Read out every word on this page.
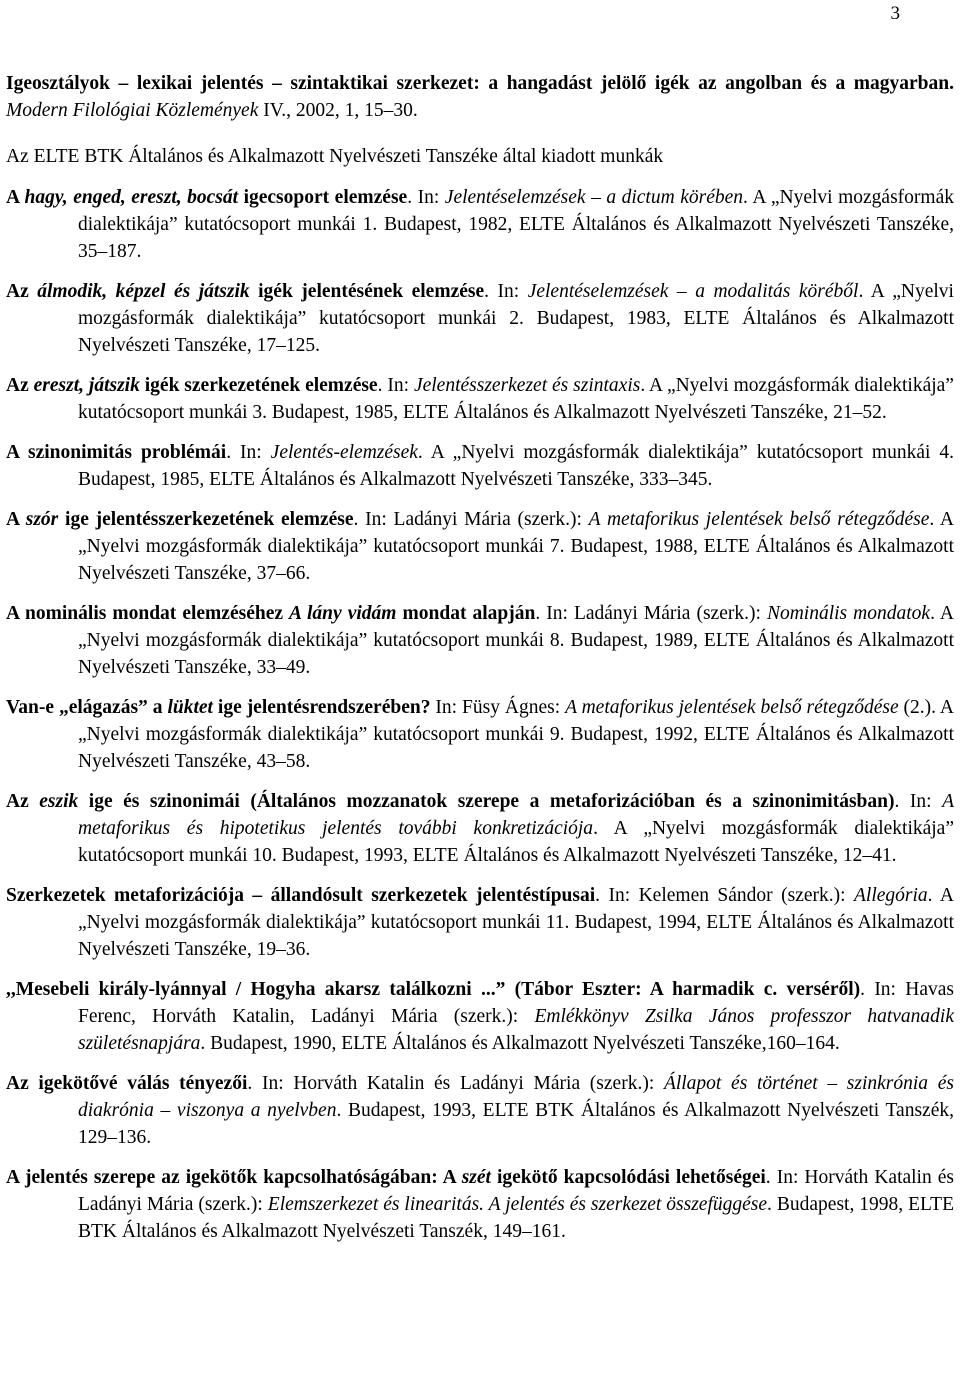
3

Igeosztályok – lexikai jelentés – szintaktikai szerkezet: a hangadást jelölő igék az angolban és a magyarban. Modern Filológiai Közlemények IV., 2002, 1, 15–30.

Az ELTE BTK Általános és Alkalmazott Nyelvészeti Tanszéke által kiadott munkák

A hagy, enged, ereszt, bocsát igecsoport elemzése. In: Jelentéselemzések – a dictum körében. A „Nyelvi mozgásformák dialektikája” kutatócsoport munkái 1. Budapest, 1982, ELTE Általános és Alkalmazott Nyelvészeti Tanszéke, 35–187.

Az álmodik, képzel és játszik igék jelentésének elemzése. In: Jelentéselemzések – a modalitás köréből. A „Nyelvi mozgásformák dialektikája” kutatócsoport munkái 2. Budapest, 1983, ELTE Általános és Alkalmazott Nyelvészeti Tanszéke, 17–125.

Az ereszt, játszik igék szerkezetének elemzése. In: Jelentésszerkezet és szintaxis. A „Nyelvi mozgásformák dialektikája” kutatócsoport munkái 3. Budapest, 1985, ELTE Általános és Alkalmazott Nyelvészeti Tanszéke, 21–52.

A szinonimitás problémái. In: Jelentés-elemzések. A „Nyelvi mozgásformák dialektikája” kutatócsoport munkái 4. Budapest, 1985, ELTE Általános és Alkalmazott Nyelvészeti Tanszéke, 333–345.

A szór ige jelentésszerkezetének elemzése. In: Ladányi Mária (szerk.): A metaforikus jelentések belső rétegződése. A „Nyelvi mozgásformák dialektikája” kutatócsoport munkái 7. Budapest, 1988, ELTE Általános és Alkalmazott Nyelvészeti Tanszéke, 37–66.

A nominális mondat elemzéséhez A lány vidám mondat alapján. In: Ladányi Mária (szerk.): Nominális mondatok. A „Nyelvi mozgásformák dialektikája” kutatócsoport munkái 8. Budapest, 1989, ELTE Általános és Alkalmazott Nyelvészeti Tanszéke, 33–49.

Van-e „elágazás” a lüktet ige jelentésrendszerében? In: Füsy Ágnes: A metaforikus jelentések belső rétegződése (2.). A „Nyelvi mozgásformák dialektikája” kutatócsoport munkái 9. Budapest, 1992, ELTE Általános és Alkalmazott Nyelvészeti Tanszéke, 43–58.

Az eszik ige és szinonimái (Általános mozzanatok szerepe a metaforizációban és a szinonimitásban). In: A metaforikus és hipotetikus jelentés további konkretizációja. A „Nyelvi mozgásformák dialektikája” kutatócsoport munkái 10. Budapest, 1993, ELTE Általános és Alkalmazott Nyelvészeti Tanszéke, 12–41.

Szerkezetek metaforizációja – állandósult szerkezetek jelentéstípusai. In: Kelemen Sándor (szerk.): Allegória. A „Nyelvi mozgásformák dialektikája” kutatócsoport munkái 11. Budapest, 1994, ELTE Általános és Alkalmazott Nyelvészeti Tanszéke, 19–36.

,,Mesebeli király-lyánnyal / Hogyha akarsz találkozni ...” (Tábor Eszter: A harmadik c. verséről). In: Havas Ferenc, Horváth Katalin, Ladányi Mária (szerk.): Emlékkönyv Zsilka János professzor hatvanadik születésnapjára. Budapest, 1990, ELTE Általános és Alkalmazott Nyelvészeti Tanszéke,160–164.

Az igekötővé válás tényezői. In: Horváth Katalin és Ladányi Mária (szerk.): Állapot és történet – szinkrónia és diakrónia – viszonya a nyelvben. Budapest, 1993, ELTE BTK Általános és Alkalmazott Nyelvészeti Tanszék, 129–136.

A jelentés szerepe az igekötők kapcsolhatóságában: A szét igekötő kapcsolódási lehetőségei. In: Horváth Katalin és Ladányi Mária (szerk.): Elemszerkezet és linearitás. A jelentés és szerkezet összefüggése. Budapest, 1998, ELTE BTK Általános és Alkalmazott Nyelvészeti Tanszék, 149–161.
